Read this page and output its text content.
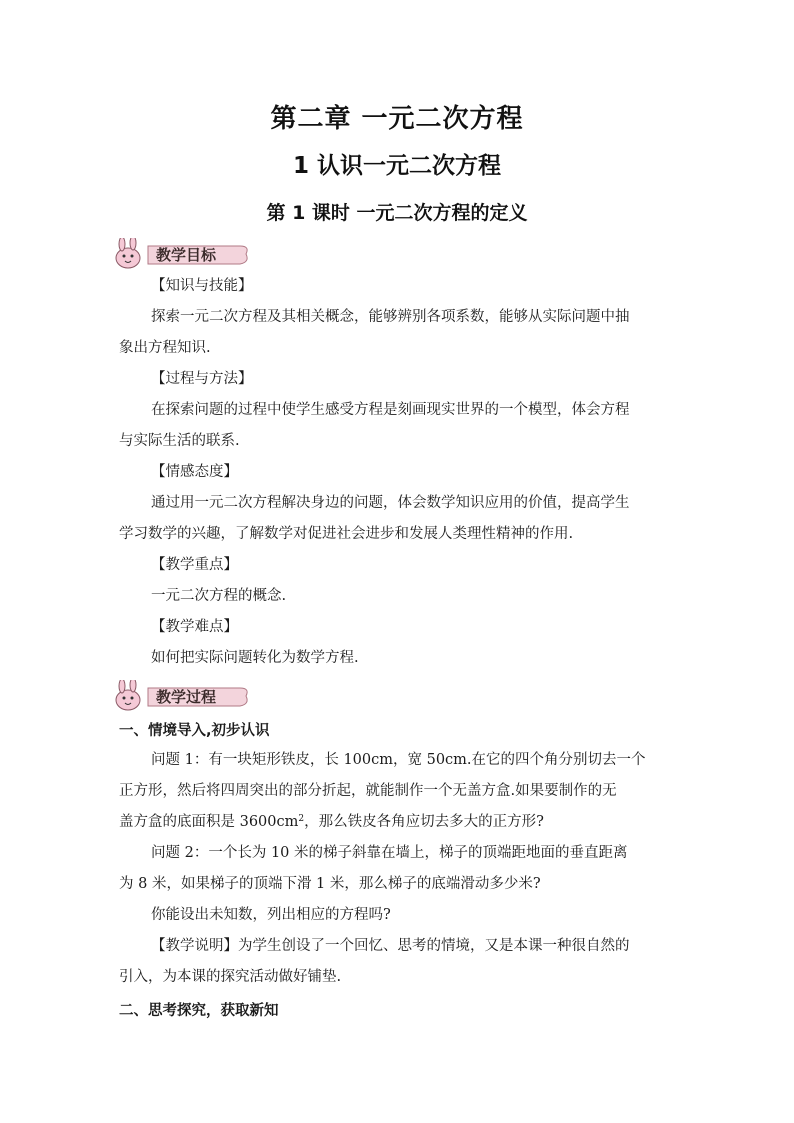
第二章 一元二次方程
1 认识一元二次方程
第 1 课时 一元二次方程的定义
教学目标
【知识与技能】
探索一元二次方程及其相关概念，能够辨别各项系数，能够从实际问题中抽
象出方程知识.
【过程与方法】
在探索问题的过程中使学生感受方程是刻画现实世界的一个模型，体会方程
与实际生活的联系.
【情感态度】
通过用一元二次方程解决身边的问题，体会数学知识应用的价值，提高学生
学习数学的兴趣，了解数学对促进社会进步和发展人类理性精神的作用.
【教学重点】
一元二次方程的概念.
【教学难点】
如何把实际问题转化为数学方程.
教学过程
一、情境导入,初步认识
问题 1：有一块矩形铁皮，长 100cm，宽 50cm.在它的四个角分别切去一个
正方形，然后将四周突出的部分折起，就能制作一个无盖方盒.如果要制作的无
盖方盒的底面积是 $3600cm^2$，那么铁皮各角应切去多大的正方形?
问题 2：一个长为 10 米的梯子斜靠在墙上，梯子的顶端距地面的垂直距离
为 8 米，如果梯子的顶端下滑 1 米，那么梯子的底端滑动多少米?
你能设出未知数，列出相应的方程吗?
【教学说明】为学生创设了一个回忆、思考的情境，又是本课一种很自然的
引入，为本课的探究活动做好铺垫.
二、思考探究，获取新知
